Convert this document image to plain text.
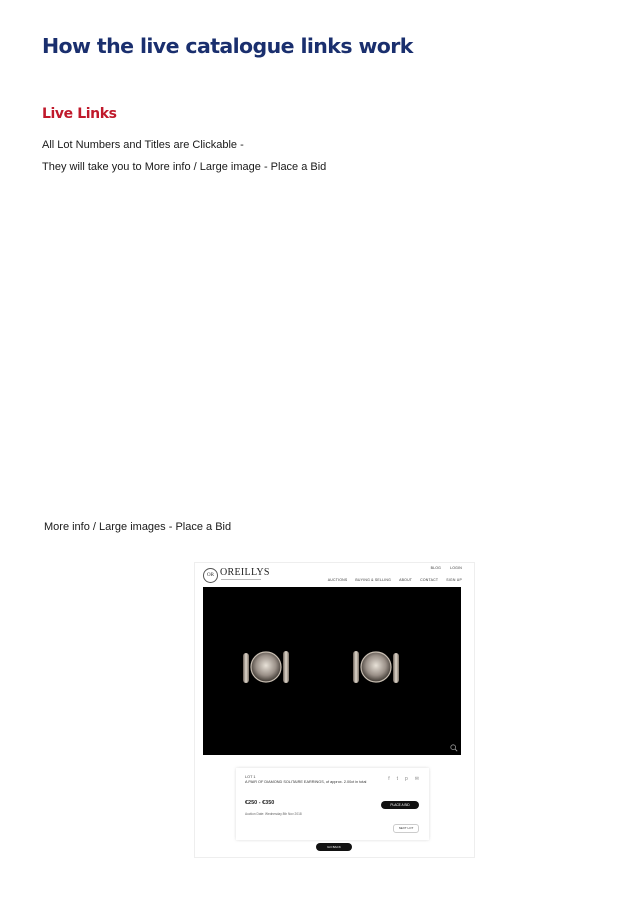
How the live catalogue links work
Live Links

All Lot Numbers and Titles are Clickable -

They will take you to More info / Large image - Place a Bid

More info / Large images - Place a Bid

OR OREILLYS	BLOG	LOGIN
AUCTIONS BUYING & SELLING ABOUT CONTACT SIGN UP
LOT 1
A PAIR OF DIAMOND SOLITAIRE EARRINGS, of approx. 2.00ct in total	f t p ✉
€250 - €350
Auction Date: Wednesday 8th Nov 2018
PLACE A BID
NEXT LOT
GO BACK
